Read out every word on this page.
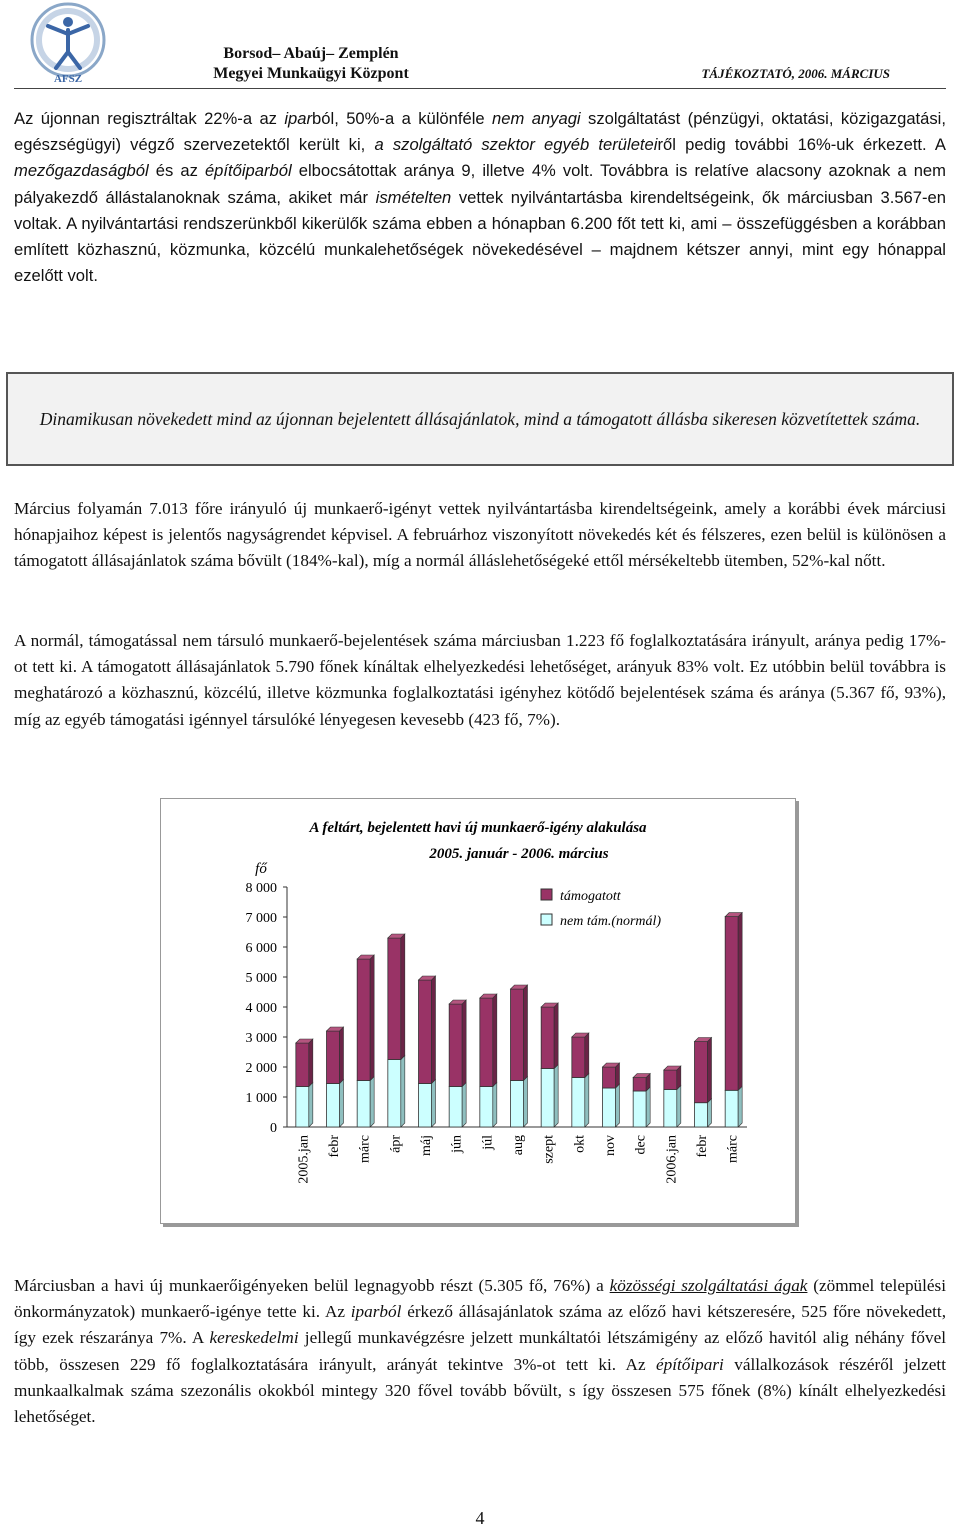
AFSZ
Borsod– Abaúj– Zemplén
Megyei Munkaügyi Központ	TÁJÉKOZTATÓ, 2006. MÁRCIUS

Az újonnan regisztráltak 22%-a az iparból, 50%-a a különféle nem anyagi szolgáltatást (pénzügyi, oktatási, közigazgatási, egészségügyi) végző szervezetektől került ki, a szolgáltató szektor egyéb területeiről pedig további 16%-uk érkezett. A mezőgazdaságból és az építőiparból elbocsátottak aránya 9, illetve 4% volt. Továbbra is relatíve alacsony azoknak a nem pályakezdő állástalanoknak száma, akiket már ismételten vettek nyilvántartásba kirendeltségeink, ők márciusban 3.567-en voltak. A nyilvántartási rendszerünkből kikerülők száma ebben a hónapban 6.200 főt tett ki, ami – összefüggésben a korábban említett közhasznú, közmunka, közcélú munkalehetőségek növekedésével – majdnem kétszer annyi, mint egy hónappal ezelőtt volt.

Dinamikusan növekedett mind az újonnan bejelentett állásajánlatok, mind a támogatott állásba sikeresen közvetítettek száma.

Március folyamán 7.013 főre irányuló új munkaerő-igényt vettek nyilvántartásba kirendeltségeink, amely a korábbi évek márciusi hónapjaihoz képest is jelentős nagyságrendet képvisel. A februárhoz viszonyított növekedés két és félszeres, ezen belül is különösen a támogatott állásajánlatok száma bővült (184%-kal), míg a normál álláslehetőségeké ettől mérsékeltebb ütemben, 52%-kal nőtt.

A normál, támogatással nem társuló munkaerő-bejelentések száma márciusban 1.223 fő foglalkoztatására irányult, aránya pedig 17%-ot tett ki. A támogatott állásajánlatok 5.790 főnek kínáltak elhelyezkedési lehetőséget, arányuk 83% volt. Ez utóbbin belül továbbra is meghatározó a közhasznú, közcélú, illetve közmunka foglalkoztatási igényhez kötődő bejelentések száma és aránya (5.367 fő, 93%), míg az egyéb támogatási igénnyel társulóké lényegesen kevesebb (423 fő, 7%).

A feltárt, bejelentett havi új munkaerő-igény alakulása
2005. január - 2006. március
fő
0
1 000
2 000
3 000
4 000
5 000
6 000
7 000
8 000
2005.jan febr márc ápr máj jún júl aug szept okt nov dec 2006.jan febr márc
támogatott
nem tám.(normál)

Márciusban a havi új munkaerőigényeken belül legnagyobb részt (5.305 fő, 76%) a közösségi szolgáltatási ágak (zömmel települési önkormányzatok) munkaerő-igénye tette ki. Az iparból érkező állásajánlatok száma az előző havi kétszeresére, 525 főre növekedett, így ezek részaránya 7%. A kereskedelmi jellegű munkavégzésre jelzett munkáltatói létszámigény az előző havitól alig néhány fővel több, összesen 229 fő foglalkoztatására irányult, arányát tekintve 3%-ot tett ki. Az építőipari vállalkozások részéről jelzett munkaalkalmak száma szezonális okokból mintegy 320 fővel tovább bővült, s így összesen 575 főnek (8%) kínált elhelyezkedési lehetőséget.

4
